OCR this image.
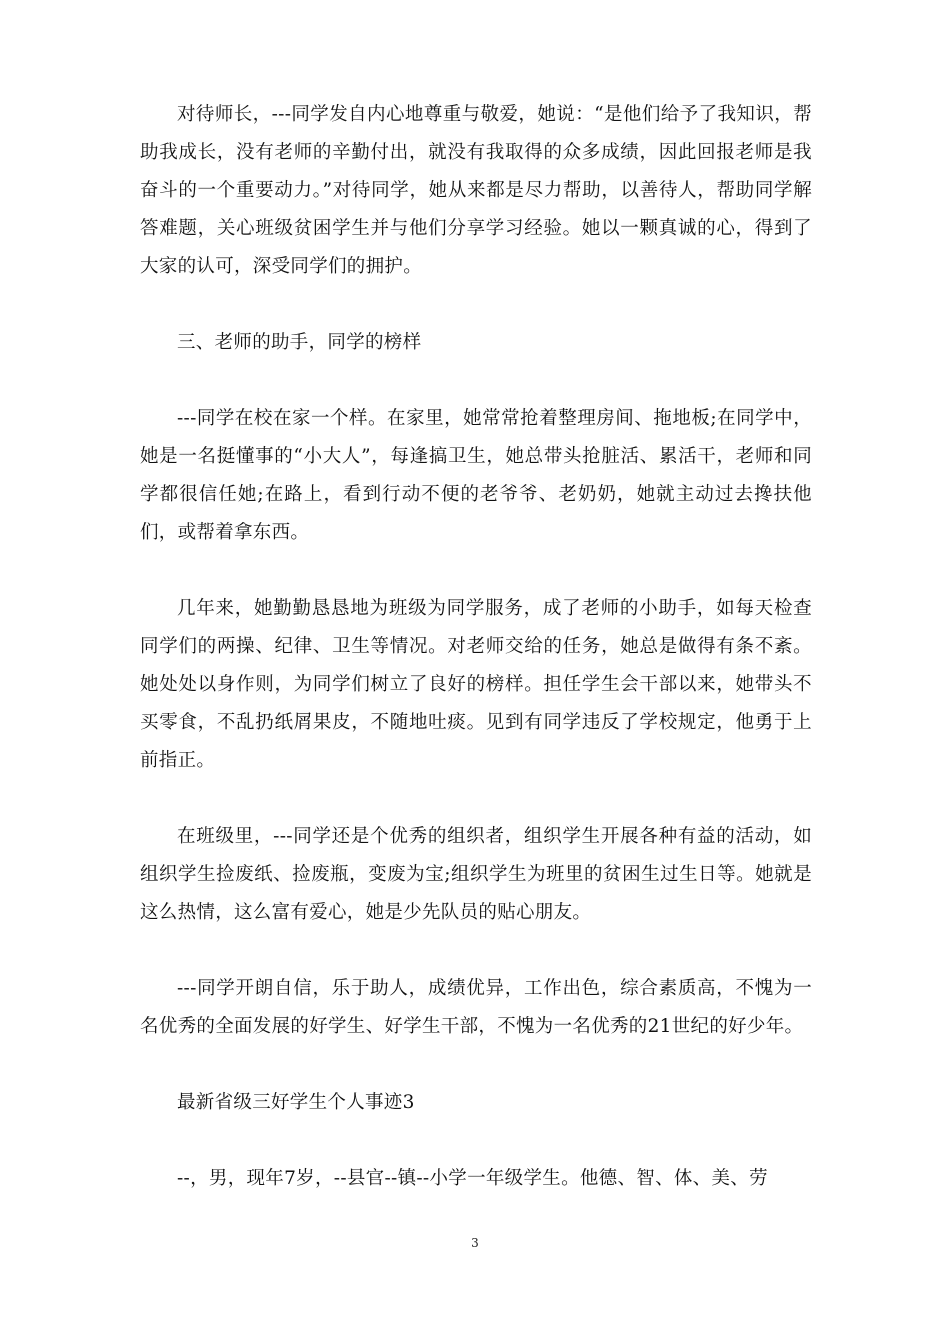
对待师长，---同学发自内心地尊重与敬爱，她说：“是他们给予了我知识，帮助我成长，没有老师的辛勤付出，就没有我取得的众多成绩，因此回报老师是我奋斗的一个重要动力。”对待同学，她从来都是尽力帮助，以善待人，帮助同学解答难题，关心班级贫困学生并与他们分享学习经验。她以一颗真诚的心，得到了大家的认可，深受同学们的拥护。

三、老师的助手，同学的榜样

---同学在校在家一个样。在家里，她常常抢着整理房间、拖地板;在同学中，她是一名挺懂事的“小大人”，每逢搞卫生，她总带头抢脏活、累活干，老师和同学都很信任她;在路上，看到行动不便的老爷爷、老奶奶，她就主动过去搀扶他们，或帮着拿东西。

几年来，她勤勤恳恳地为班级为同学服务，成了老师的小助手，如每天检查同学们的两操、纪律、卫生等情况。对老师交给的任务，她总是做得有条不紊。她处处以身作则，为同学们树立了良好的榜样。担任学生会干部以来，她带头不买零食，不乱扔纸屑果皮，不随地吐痰。见到有同学违反了学校规定，他勇于上前指正。

在班级里，---同学还是个优秀的组织者，组织学生开展各种有益的活动，如组织学生捡废纸、捡废瓶，变废为宝;组织学生为班里的贫困生过生日等。她就是这么热情，这么富有爱心，她是少先队员的贴心朋友。

---同学开朗自信，乐于助人，成绩优异，工作出色，综合素质高，不愧为一名优秀的全面发展的好学生、好学生干部，不愧为一名优秀的21世纪的好少年。

最新省级三好学生个人事迹3

--，男，现年7岁，--县官--镇--小学一年级学生。他德、智、体、美、劳

3
